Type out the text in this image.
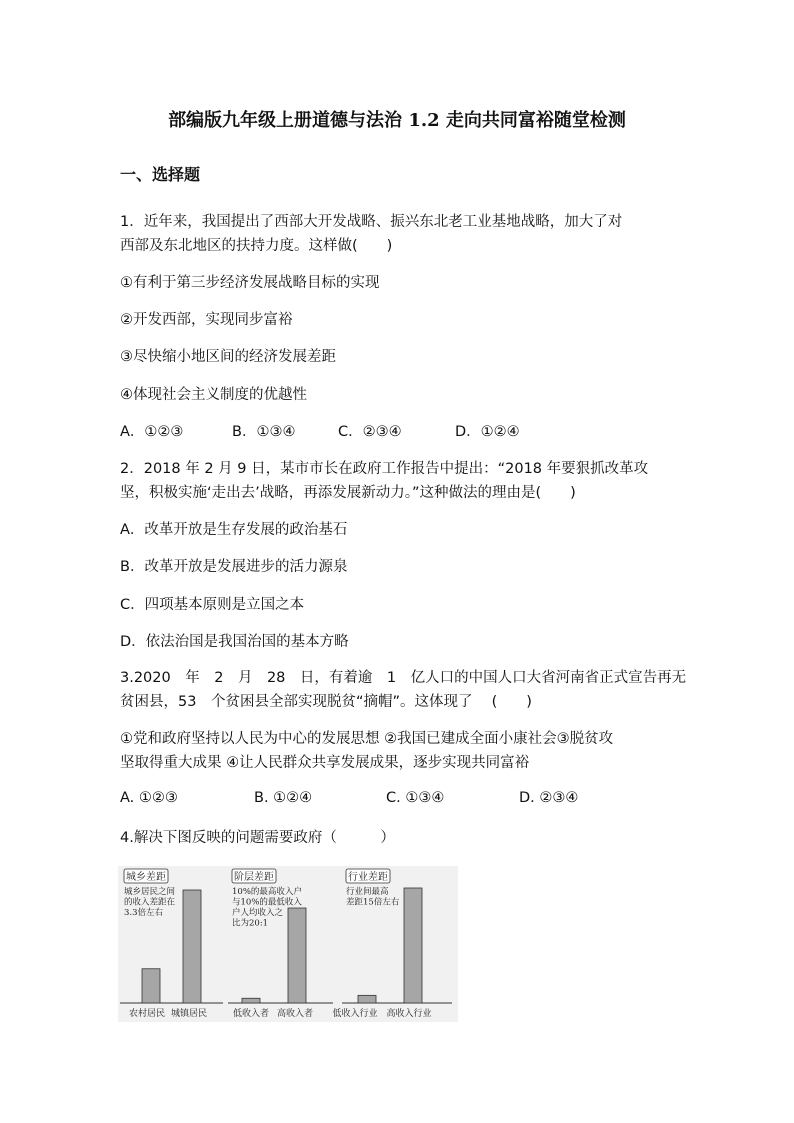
部编版九年级上册道德与法治 1.2 走向共同富裕随堂检测
一、选择题
1．近年来，我国提出了西部大开发战略、振兴东北老工业基地战略，加大了对
西部及东北地区的扶持力度。这样做(　　)
①有利于第三步经济发展战略目标的实现
②开发西部，实现同步富裕
③尽快缩小地区间的经济发展差距
④体现社会主义制度的优越性
A．①②③	B．①③④	C．②③④	D．①②④
2．2018 年 2 月 9 日，某市市长在政府工作报告中提出：“2018 年要狠抓改革攻
坚，积极实施‘走出去’战略，再添发展新动力。”这种做法的理由是(　　)
A．改革开放是生存发展的政治基石
B．改革开放是发展进步的活力源泉
C．四项基本原则是立国之本
D．依法治国是我国治国的基本方略
3.2020　年　2　月　28　日，有着逾　1　亿人口的中国人口大省河南省正式宣告再无
贫困县，53　个贫困县全部实现脱贫“摘帽”。这体现了　 (　　)
①党和政府坚持以人民为中心的发展思想 ②我国已建成全面小康社会③脱贫攻
坚取得重大成果 ④让人民群众共享发展成果，逐步实现共同富裕
A. ①②③	B. ①②④	C. ①③④	D. ②③④
4.解决下图反映的问题需要政府（　　　）
城乡差距
城乡居民之间
的收入差距在
3.3倍左右
农村居民 城镇居民
阶层差距
10%的最高收入户
与10%的最低收入
户人均收入之
比为20:1
低收入者 高收入者
行业差距
行业间最高
差距15倍左右
低收入行业 高收入行业
